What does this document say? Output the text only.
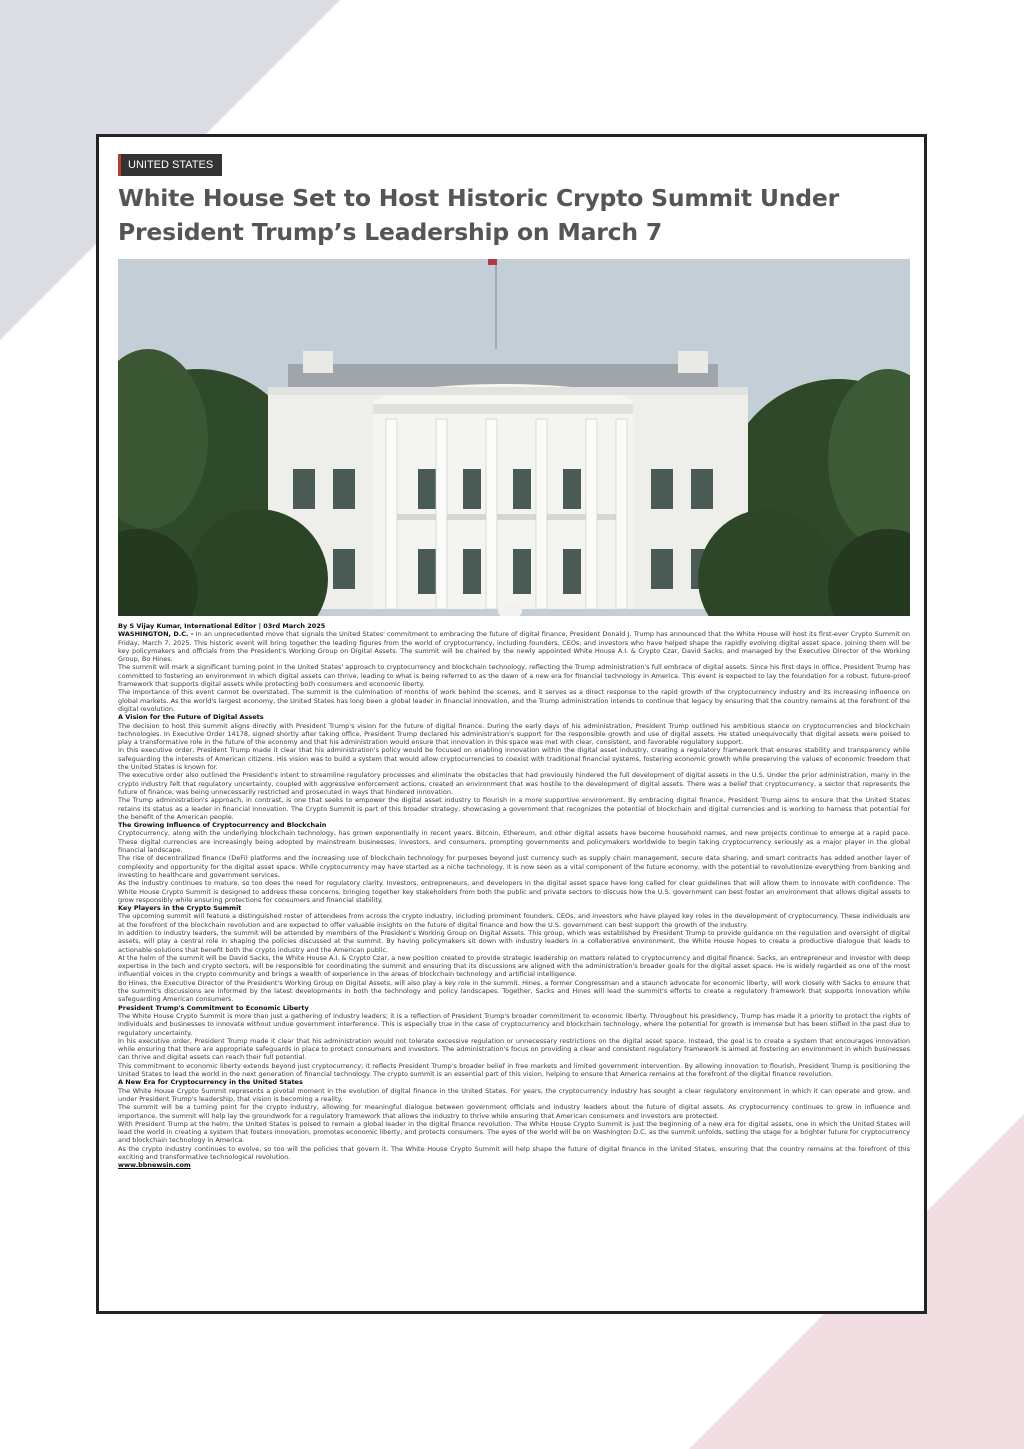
UNITED STATES
White House Set to Host Historic Crypto Summit Under President Trump’s Leadership on March 7

By S Vijay Kumar, International Editor | 03rd March 2025

WASHINGTON, D.C. - In an unprecedented move that signals the United States' commitment to embracing the future of digital finance, President Donald J. Trump has announced that the White House will host its first-ever Crypto Summit on Friday, March 7, 2025. This historic event will bring together the leading figures from the world of cryptocurrency, including founders, CEOs, and investors who have helped shape the rapidly evolving digital asset space. Joining them will be key policymakers and officials from the President's Working Group on Digital Assets. The summit will be chaired by the newly appointed White House A.I. & Crypto Czar, David Sacks, and managed by the Executive Director of the Working Group, Bo Hines.

The summit will mark a significant turning point in the United States' approach to cryptocurrency and blockchain technology, reflecting the Trump administration's full embrace of digital assets. Since his first days in office, President Trump has committed to fostering an environment in which digital assets can thrive, leading to what is being referred to as the dawn of a new era for financial technology in America. This event is expected to lay the foundation for a robust, future-proof framework that supports digital assets while protecting both consumers and economic liberty.

The importance of this event cannot be overstated. The summit is the culmination of months of work behind the scenes, and it serves as a direct response to the rapid growth of the cryptocurrency industry and its increasing influence on global markets. As the world's largest economy, the United States has long been a global leader in financial innovation, and the Trump administration intends to continue that legacy by ensuring that the country remains at the forefront of the digital revolution.

A Vision for the Future of Digital Assets

The decision to host this summit aligns directly with President Trump's vision for the future of digital finance. During the early days of his administration, President Trump outlined his ambitious stance on cryptocurrencies and blockchain technologies. In Executive Order 14178, signed shortly after taking office, President Trump declared his administration's support for the responsible growth and use of digital assets. He stated unequivocally that digital assets were poised to play a transformative role in the future of the economy and that his administration would ensure that innovation in this space was met with clear, consistent, and favorable regulatory support.

In this executive order, President Trump made it clear that his administration's policy would be focused on enabling innovation within the digital asset industry, creating a regulatory framework that ensures stability and transparency while safeguarding the interests of American citizens. His vision was to build a system that would allow cryptocurrencies to coexist with traditional financial systems, fostering economic growth while preserving the values of economic freedom that the United States is known for.

The executive order also outlined the President's intent to streamline regulatory processes and eliminate the obstacles that had previously hindered the full development of digital assets in the U.S. Under the prior administration, many in the crypto industry felt that regulatory uncertainty, coupled with aggressive enforcement actions, created an environment that was hostile to the development of digital assets. There was a belief that cryptocurrency, a sector that represents the future of finance, was being unnecessarily restricted and prosecuted in ways that hindered innovation.

The Trump administration's approach, in contrast, is one that seeks to empower the digital asset industry to flourish in a more supportive environment. By embracing digital finance, President Trump aims to ensure that the United States retains its status as a leader in financial innovation. The Crypto Summit is part of this broader strategy, showcasing a government that recognizes the potential of blockchain and digital currencies and is working to harness that potential for the benefit of the American people.

The Growing Influence of Cryptocurrency and Blockchain

Cryptocurrency, along with the underlying blockchain technology, has grown exponentially in recent years. Bitcoin, Ethereum, and other digital assets have become household names, and new projects continue to emerge at a rapid pace. These digital currencies are increasingly being adopted by mainstream businesses, investors, and consumers, prompting governments and policymakers worldwide to begin taking cryptocurrency seriously as a major player in the global financial landscape.

The rise of decentralized finance (DeFi) platforms and the increasing use of blockchain technology for purposes beyond just currency such as supply chain management, secure data sharing, and smart contracts has added another layer of complexity and opportunity for the digital asset space. While cryptocurrency may have started as a niche technology, it is now seen as a vital component of the future economy, with the potential to revolutionize everything from banking and investing to healthcare and government services.

As the industry continues to mature, so too does the need for regulatory clarity. Investors, entrepreneurs, and developers in the digital asset space have long called for clear guidelines that will allow them to innovate with confidence. The White House Crypto Summit is designed to address these concerns, bringing together key stakeholders from both the public and private sectors to discuss how the U.S. government can best foster an environment that allows digital assets to grow responsibly while ensuring protections for consumers and financial stability.

Key Players in the Crypto Summit

The upcoming summit will feature a distinguished roster of attendees from across the crypto industry, including prominent founders, CEOs, and investors who have played key roles in the development of cryptocurrency. These individuals are at the forefront of the blockchain revolution and are expected to offer valuable insights on the future of digital finance and how the U.S. government can best support the growth of the industry.

In addition to industry leaders, the summit will be attended by members of the President's Working Group on Digital Assets. This group, which was established by President Trump to provide guidance on the regulation and oversight of digital assets, will play a central role in shaping the policies discussed at the summit. By having policymakers sit down with industry leaders in a collaborative environment, the White House hopes to create a productive dialogue that leads to actionable solutions that benefit both the crypto industry and the American public.

At the helm of the summit will be David Sacks, the White House A.I. & Crypto Czar, a new position created to provide strategic leadership on matters related to cryptocurrency and digital finance. Sacks, an entrepreneur and investor with deep expertise in the tech and crypto sectors, will be responsible for coordinating the summit and ensuring that its discussions are aligned with the administration's broader goals for the digital asset space. He is widely regarded as one of the most influential voices in the crypto community and brings a wealth of experience in the areas of blockchain technology and artificial intelligence.

Bo Hines, the Executive Director of the President's Working Group on Digital Assets, will also play a key role in the summit. Hines, a former Congressman and a staunch advocate for economic liberty, will work closely with Sacks to ensure that the summit's discussions are informed by the latest developments in both the technology and policy landscapes. Together, Sacks and Hines will lead the summit's efforts to create a regulatory framework that supports innovation while safeguarding American consumers.

President Trump's Commitment to Economic Liberty

The White House Crypto Summit is more than just a gathering of industry leaders; it is a reflection of President Trump's broader commitment to economic liberty. Throughout his presidency, Trump has made it a priority to protect the rights of individuals and businesses to innovate without undue government interference. This is especially true in the case of cryptocurrency and blockchain technology, where the potential for growth is immense but has been stifled in the past due to regulatory uncertainty.

In his executive order, President Trump made it clear that his administration would not tolerate excessive regulation or unnecessary restrictions on the digital asset space. Instead, the goal is to create a system that encourages innovation while ensuring that there are appropriate safeguards in place to protect consumers and investors. The administration's focus on providing a clear and consistent regulatory framework is aimed at fostering an environment in which businesses can thrive and digital assets can reach their full potential.

This commitment to economic liberty extends beyond just cryptocurrency; it reflects President Trump's broader belief in free markets and limited government intervention. By allowing innovation to flourish, President Trump is positioning the United States to lead the world in the next generation of financial technology. The crypto summit is an essential part of this vision, helping to ensure that America remains at the forefront of the digital finance revolution.

A New Era for Cryptocurrency in the United States

The White House Crypto Summit represents a pivotal moment in the evolution of digital finance in the United States. For years, the cryptocurrency industry has sought a clear regulatory environment in which it can operate and grow, and under President Trump's leadership, that vision is becoming a reality.

The summit will be a turning point for the crypto industry, allowing for meaningful dialogue between government officials and industry leaders about the future of digital assets. As cryptocurrency continues to grow in influence and importance, the summit will help lay the groundwork for a regulatory framework that allows the industry to thrive while ensuring that American consumers and investors are protected.

With President Trump at the helm, the United States is poised to remain a global leader in the digital finance revolution. The White House Crypto Summit is just the beginning of a new era for digital assets, one in which the United States will lead the world in creating a system that fosters innovation, promotes economic liberty, and protects consumers. The eyes of the world will be on Washington D.C. as the summit unfolds, setting the stage for a brighter future for cryptocurrency and blockchain technology in America.

As the crypto industry continues to evolve, so too will the policies that govern it. The White House Crypto Summit will help shape the future of digital finance in the United States, ensuring that the country remains at the forefront of this exciting and transformative technological revolution.

www.bbnewsin.com
